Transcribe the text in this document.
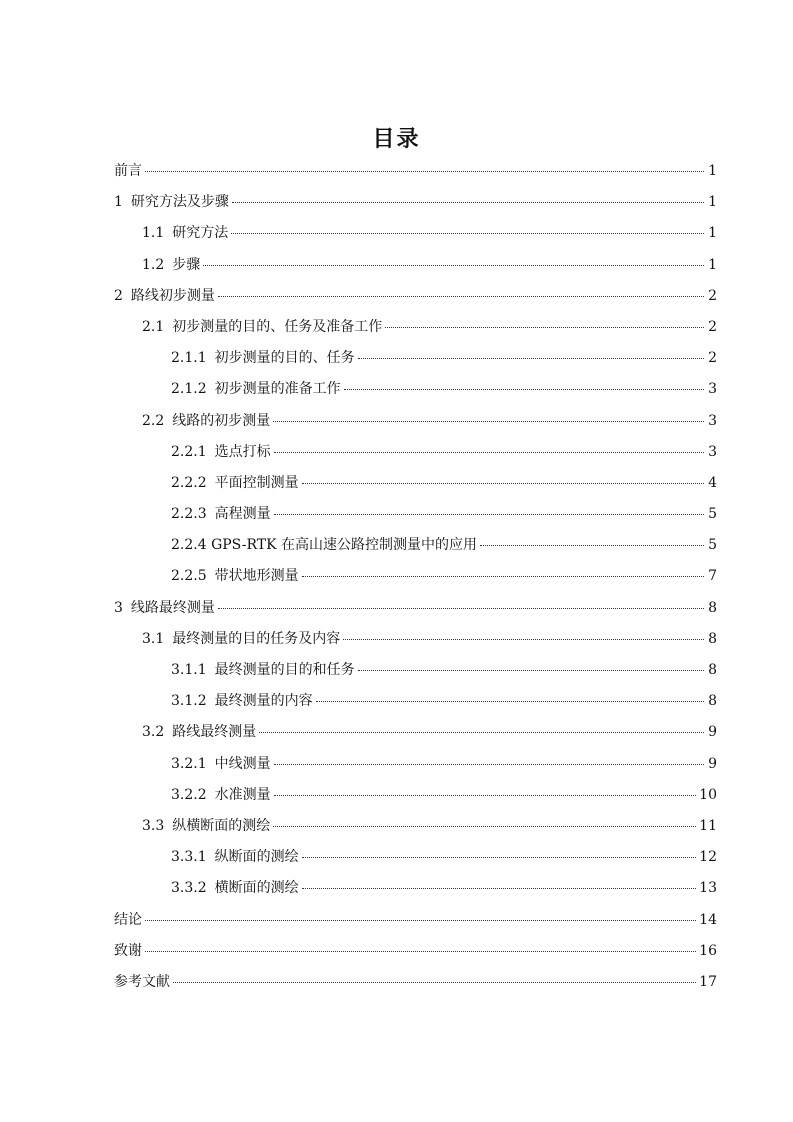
目录
前言	1
1 研究方法及步骤	1
1.1 研究方法	1
1.2 步骤	1
2 路线初步测量	2
2.1 初步测量的目的、任务及准备工作	2
2.1.1 初步测量的目的、任务	2
2.1.2 初步测量的准备工作	3
2.2 线路的初步测量	3
2.2.1 选点打标	3
2.2.2 平面控制测量	4
2.2.3 高程测量	5
2.2.4 GPS-RTK 在高山速公路控制测量中的应用	5
2.2.5 带状地形测量	7
3 线路最终测量	8
3.1 最终测量的目的任务及内容	8
3.1.1 最终测量的目的和任务	8
3.1.2 最终测量的内容	8
3.2 路线最终测量	9
3.2.1 中线测量	9
3.2.2 水准测量	10
3.3 纵横断面的测绘	11
3.3.1 纵断面的测绘	12
3.3.2 横断面的测绘	13
结论	14
致谢	16
参考文献	17
